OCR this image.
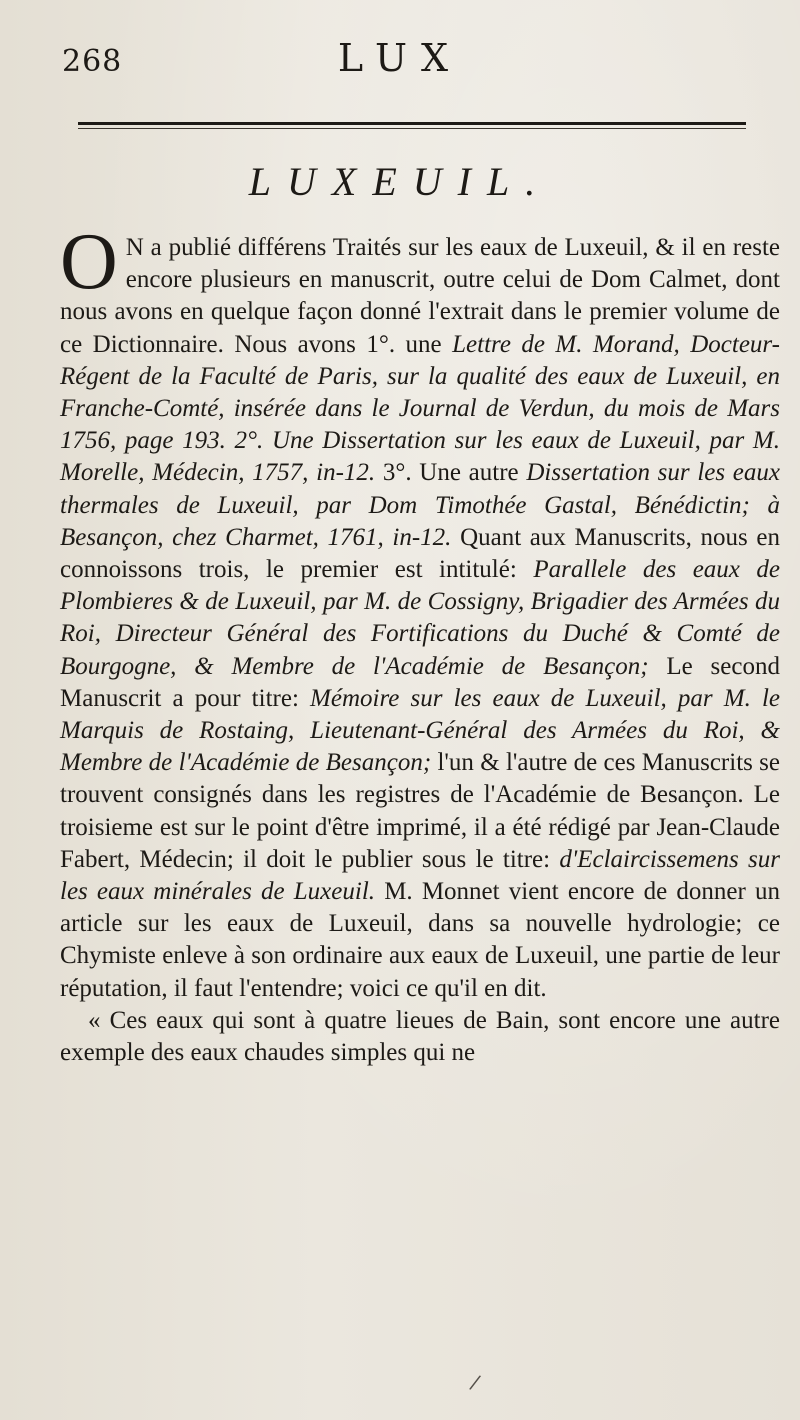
268	LUX
LUXEUIL.

O N a publié différens Traités sur les eaux de Luxeuil, & il en reste encore plusieurs en manuscrit, outre celui de Dom Calmet, dont nous avons en quelque façon donné l'extrait dans le premier volume de ce Dictionnaire. Nous avons 1°. une Lettre de M. Morand, Docteur-Régent de la Faculté de Paris, sur la qualité des eaux de Luxeuil, en Franche-Comté, insérée dans le Journal de Verdun, du mois de Mars 1756, page 193. 2°. Une Dissertation sur les eaux de Luxeuil, par M. Morelle, Médecin, 1757, in-12. 3°. Une autre Dissertation sur les eaux thermales de Luxeuil, par Dom Timothée Gastal, Bénédictin; à Besançon, chez Charmet, 1761, in-12. Quant aux Manuscrits, nous en connoissons trois, le premier est intitulé: Parallele des eaux de Plombieres & de Luxeuil, par M. de Cossigny, Brigadier des Armées du Roi, Directeur Général des Fortifications du Duché & Comté de Bourgogne, & Membre de l'Académie de Besançon; Le second Manuscrit a pour titre: Mémoire sur les eaux de Luxeuil, par M. le Marquis de Rostaing, Lieutenant-Général des Armées du Roi, & Membre de l'Académie de Besançon; l'un & l'autre de ces Manuscrits se trouvent consignés dans les registres de l'Académie de Besançon. Le troisieme est sur le point d'être imprimé, il a été rédigé par Jean-Claude Fabert, Médecin; il doit le publier sous le titre: d'Eclaircissemens sur les eaux minérales de Luxeuil. M. Monnet vient encore de donner un article sur les eaux de Luxeuil, dans sa nouvelle hydrologie; ce Chymiste enleve à son ordinaire aux eaux de Luxeuil, une partie de leur réputation, il faut l'entendre; voici ce qu'il en dit.

« Ces eaux qui sont à quatre lieues de Bain, sont encore une autre exemple des eaux chaudes simples qui ne

/
